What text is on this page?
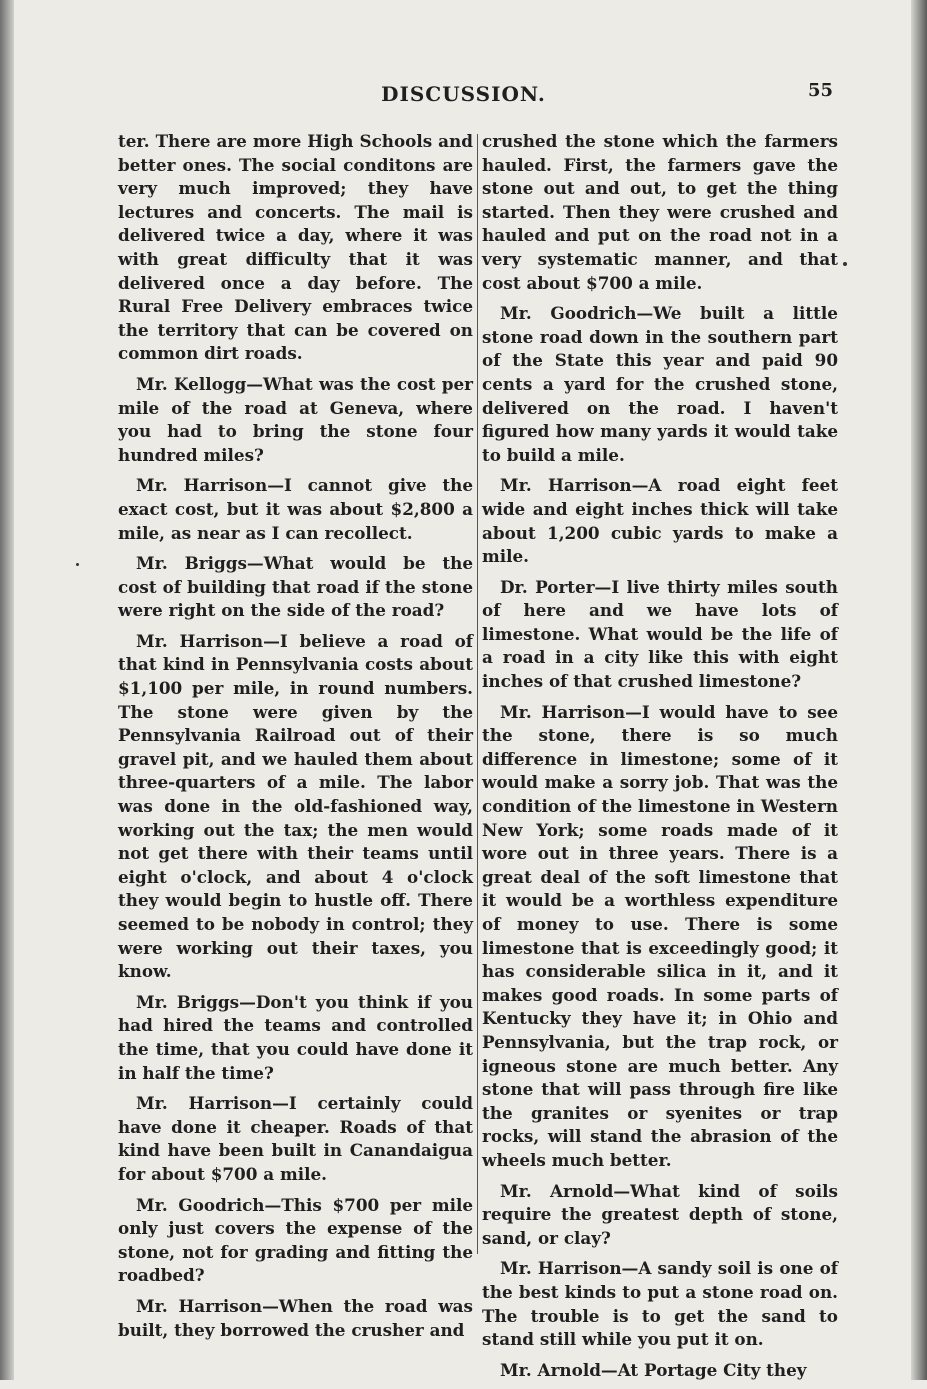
DISCUSSION.	55

ter. There are more High Schools and better ones. The social conditons are very much improved; they have lectures and concerts. The mail is delivered twice a day, where it was with great difficulty that it was delivered once a day before. The Rural Free Delivery embraces twice the territory that can be covered on common dirt roads.

Mr. Kellogg—What was the cost per mile of the road at Geneva, where you had to bring the stone four hundred miles?

Mr. Harrison—I cannot give the exact cost, but it was about $2,800 a mile, as near as I can recollect.

Mr. Briggs—What would be the cost of building that road if the stone were right on the side of the road?

Mr. Harrison—I believe a road of that kind in Pennsylvania costs about $1,100 per mile, in round numbers. The stone were given by the Pennsylvania Railroad out of their gravel pit, and we hauled them about three-quarters of a mile. The labor was done in the old-fashioned way, working out the tax; the men would not get there with their teams until eight o'clock, and about 4 o'clock they would begin to hustle off. There seemed to be nobody in control; they were working out their taxes, you know.

Mr. Briggs—Don't you think if you had hired the teams and controlled the time, that you could have done it in half the time?

Mr. Harrison—I certainly could have done it cheaper. Roads of that kind have been built in Canandaigua for about $700 a mile.

Mr. Goodrich—This $700 per mile only just covers the expense of the stone, not for grading and fitting the roadbed?

Mr. Harrison—When the road was built, they borrowed the crusher and

crushed the stone which the farmers hauled. First, the farmers gave the stone out and out, to get the thing started. Then they were crushed and hauled and put on the road not in a very systematic manner, and that cost about $700 a mile.

Mr. Goodrich—We built a little stone road down in the southern part of the State this year and paid 90 cents a yard for the crushed stone, delivered on the road. I haven't figured how many yards it would take to build a mile.

Mr. Harrison—A road eight feet wide and eight inches thick will take about 1,200 cubic yards to make a mile.

Dr. Porter—I live thirty miles south of here and we have lots of limestone. What would be the life of a road in a city like this with eight inches of that crushed limestone?

Mr. Harrison—I would have to see the stone, there is so much difference in limestone; some of it would make a sorry job. That was the condition of the limestone in Western New York; some roads made of it wore out in three years. There is a great deal of the soft limestone that it would be a worthless expenditure of money to use. There is some limestone that is exceedingly good; it has considerable silica in it, and it makes good roads. In some parts of Kentucky they have it; in Ohio and Pennsylvania, but the trap rock, or igneous stone are much better. Any stone that will pass through fire like the granites or syenites or trap rocks, will stand the abrasion of the wheels much better.

Mr. Arnold—What kind of soils require the greatest depth of stone, sand, or clay?

Mr. Harrison—A sandy soil is one of the best kinds to put a stone road on. The trouble is to get the sand to stand still while you put it on.

Mr. Arnold—At Portage City they
